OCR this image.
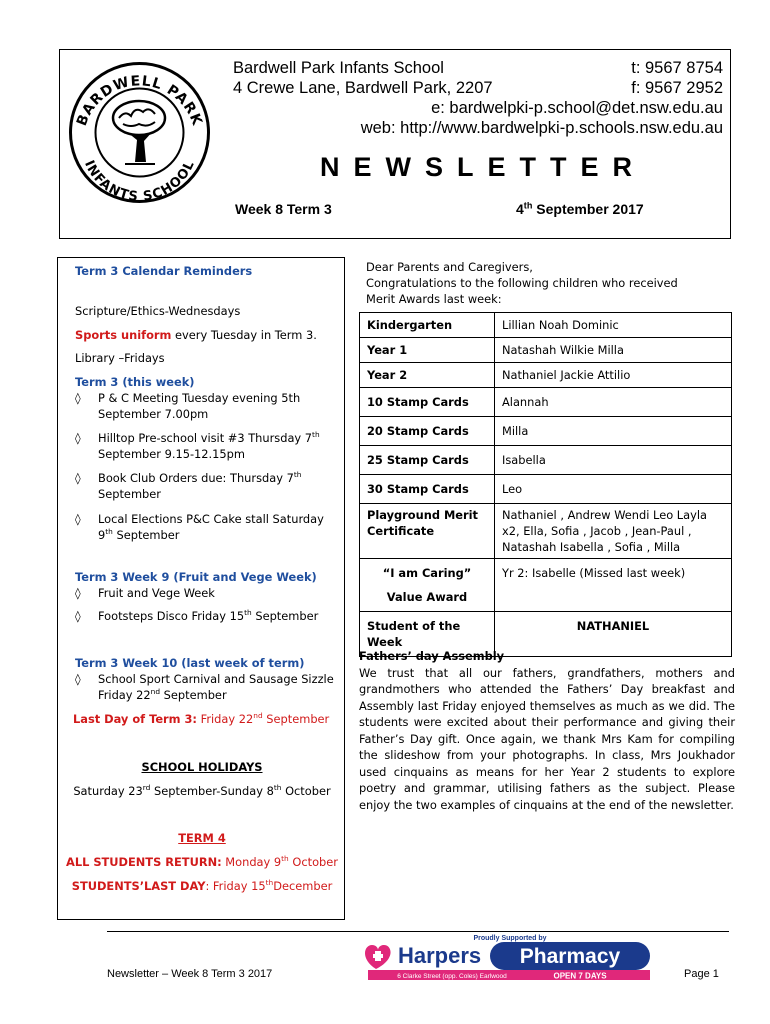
BARDWELL PARK
INFANTS SCHOOL
Bardwell Park Infants School	t: 9567 8754
4 Crewe Lane, Bardwell Park, 2207	f: 9567 2952
e: bardwelpki-p.school@det.nsw.edu.au
web: http://www.bardwelpki-p.schools.nsw.edu.au
NEWSLETTER
Week 8 Term 3	4th September 2017
Term 3 Calendar Reminders
Scripture/Ethics-Wednesdays
Sports uniform every Tuesday in Term 3.
Library –Fridays
Term 3 (this week)
◊ P & C Meeting Tuesday evening 5th September 7.00pm
◊ Hilltop Pre-school visit #3 Thursday 7th September 9.15-12.15pm
◊ Book Club Orders due: Thursday 7th September
◊ Local Elections P&C Cake stall Saturday 9th September
Term 3 Week 9 (Fruit and Vege Week)
◊ Fruit and Vege Week
◊ Footsteps Disco Friday 15th September
Term 3 Week 10 (last week of term)
◊ School Sport Carnival and Sausage Sizzle Friday 22nd September
Last Day of Term 3: Friday 22nd September
SCHOOL HOLIDAYS
Saturday 23rd September-Sunday 8th October
TERM 4
ALL STUDENTS RETURN: Monday 9th October
STUDENTS’LAST DAY: Friday 15thDecember
Dear Parents and Caregivers,
Congratulations to the following children who received Merit Awards last week:
Kindergarten	Lillian Noah Dominic
Year 1	Natashah Wilkie Milla
Year 2	Nathaniel Jackie Attilio
10 Stamp Cards	Alannah
20 Stamp Cards	Milla
25 Stamp Cards	Isabella
30 Stamp Cards	Leo
Playground Merit Certificate	Nathaniel , Andrew Wendi Leo Layla x2, Ella, Sofia , Jacob , Jean-Paul , Natashah Isabella , Sofia , Milla

“I am Caring”
Value Award	Yr 2: Isabelle (Missed last week)
Student of the Week	NATHANIEL
Fathers’ day Assembly
We trust that all our fathers, grandfathers, mothers and grandmothers who attended the Fathers’ Day breakfast and Assembly last Friday enjoyed themselves as much as we did. The students were excited about their performance and giving their Father’s Day gift. Once again, we thank Mrs Kam for compiling the slideshow from your photographs. In class, Mrs Joukhador used cinquains as means for her Year 2 students to explore poetry and grammar, utilising fathers as the subject. Please enjoy the two examples of cinquains at the end of the newsletter.
Proudly Supported by
Harpers Pharmacy
6 Clarke Street (opp. Coles) Earlwood	OPEN 7 DAYS
Newsletter – Week 8 Term 3 2017	Page 1
